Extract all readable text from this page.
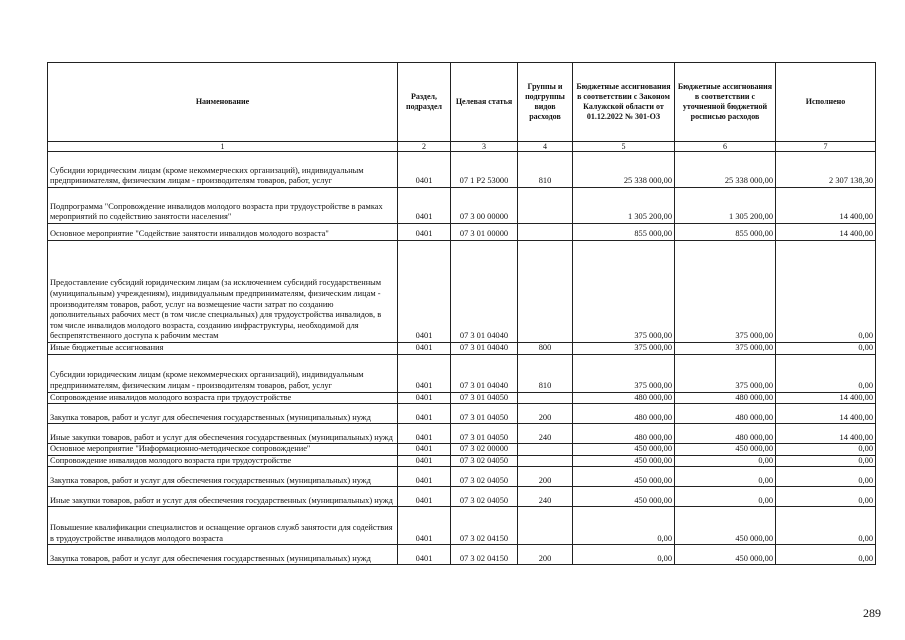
Наименование	Раздел, подраздел	Целевая статья	Группы и подгруппы видов расходов	Бюджетные ассигнования в соответствии с Законом Калужской области от 01.12.2022 № 301-ОЗ	Бюджетные ассигнования в соответствии с уточненной бюджетной росписью расходов	Исполнено
1	2	3	4	5	6	7
Субсидии юридическим лицам (кроме некоммерческих организаций), индивидуальным предпринимателям, физическим лицам - производителям товаров, работ, услуг	0401	07 1 P2 53000	810	25 338 000,00	25 338 000,00	2 307 138,30
Подпрограмма "Сопровождение инвалидов молодого возраста при трудоустройстве в рамках мероприятий по содействию занятости населения"	0401	07 3 00 00000		1 305 200,00	1 305 200,00	14 400,00
Основное мероприятие "Содействие занятости инвалидов молодого возраста"	0401	07 3 01 00000		855 000,00	855 000,00	14 400,00
Предоставление субсидий юридическим лицам (за исключением субсидий государственным (муниципальным) учреждениям), индивидуальным предпринимателям, физическим лицам - производителям товаров, работ, услуг на возмещение части затрат по созданию дополнительных рабочих мест (в том числе специальных) для трудоустройства инвалидов, в том числе инвалидов молодого возраста, созданию инфраструктуры, необходимой для беспрепятственного доступа к рабочим местам	0401	07 3 01 04040		375 000,00	375 000,00	0,00
Иные бюджетные ассигнования	0401	07 3 01 04040	800	375 000,00	375 000,00	0,00
Субсидии юридическим лицам (кроме некоммерческих организаций), индивидуальным предпринимателям, физическим лицам - производителям товаров, работ, услуг	0401	07 3 01 04040	810	375 000,00	375 000,00	0,00
Сопровождение инвалидов молодого возраста при трудоустройстве	0401	07 3 01 04050		480 000,00	480 000,00	14 400,00
Закупка товаров, работ и услуг для обеспечения государственных (муниципальных) нужд	0401	07 3 01 04050	200	480 000,00	480 000,00	14 400,00
Иные закупки товаров, работ и услуг для обеспечения государственных (муниципальных) нужд	0401	07 3 01 04050	240	480 000,00	480 000,00	14 400,00
Основное мероприятие "Информационно-методическое сопровождение"	0401	07 3 02 00000		450 000,00	450 000,00	0,00
Сопровождение инвалидов молодого возраста при трудоустройстве	0401	07 3 02 04050		450 000,00	0,00	0,00
Закупка товаров, работ и услуг для обеспечения государственных (муниципальных) нужд	0401	07 3 02 04050	200	450 000,00	0,00	0,00
Иные закупки товаров, работ и услуг для обеспечения государственных (муниципальных) нужд	0401	07 3 02 04050	240	450 000,00	0,00	0,00
Повышение квалификации специалистов и оснащение органов служб занятости для содействия в трудоустройстве инвалидов молодого возраста	0401	07 3 02 04150		0,00	450 000,00	0,00
Закупка товаров, работ и услуг для обеспечения государственных (муниципальных) нужд	0401	07 3 02 04150	200	0,00	450 000,00	0,00
289
